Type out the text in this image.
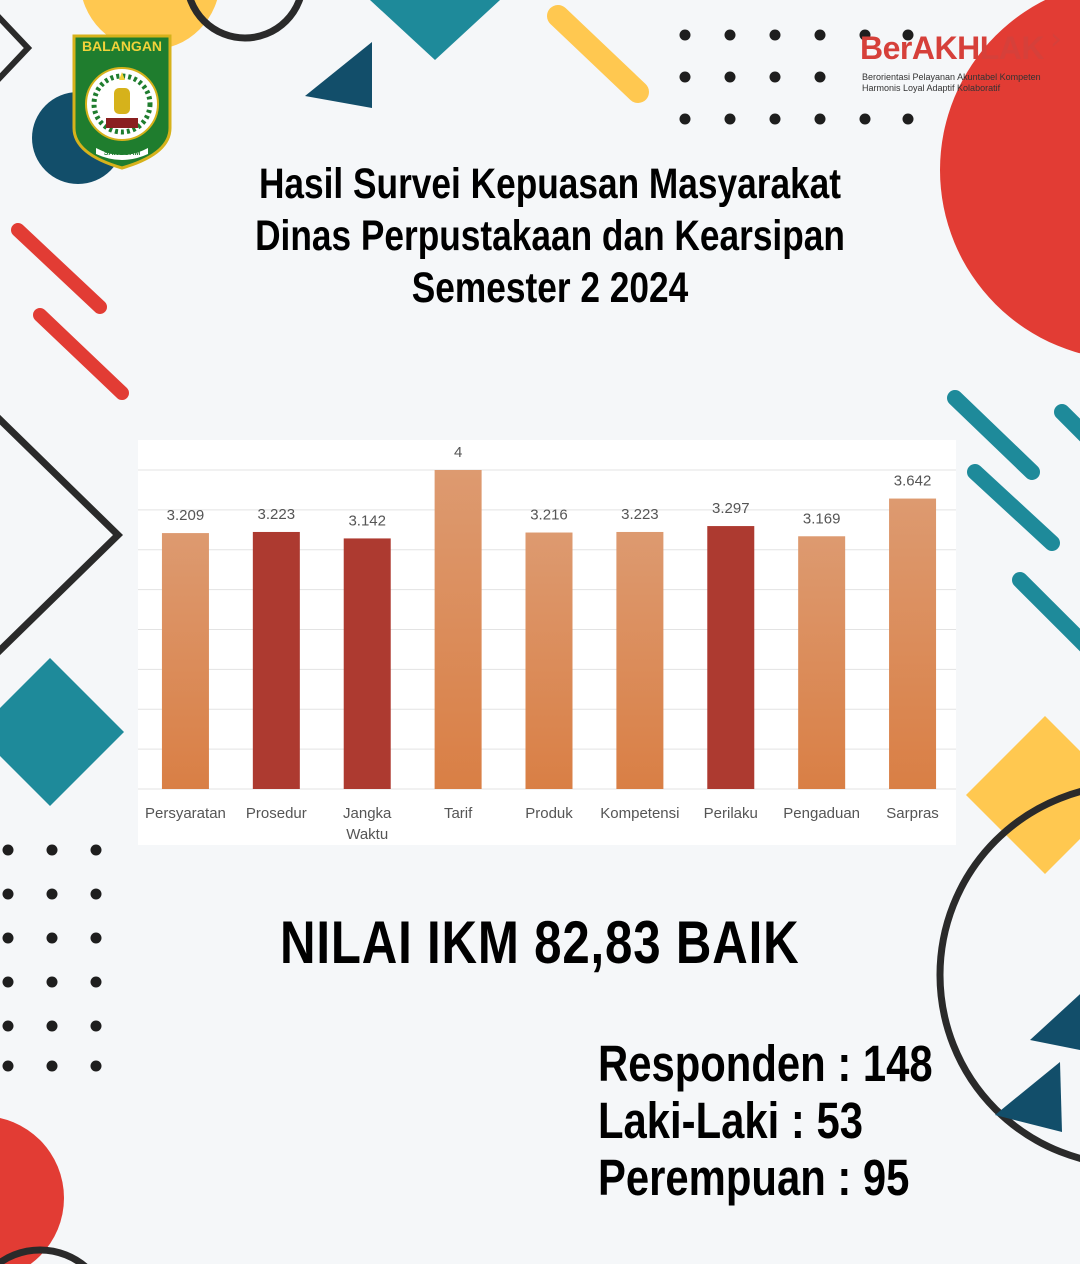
BALANGAN
SANGGAM
BerAKHLAK ›
Berorientasi Pelayanan Akuntabel Kompeten
Harmonis Loyal Adaptif Kolaboratif
Hasil Survei Kepuasan Masyarakat
Dinas Perpustakaan dan Kearsipan
Semester 2 2024
3.209
Persyaratan
3.223
Prosedur
3.142
Jangka Waktu
4
Tarif
3.216
Produk
3.223
Kompetensi
3.297
Perilaku
3.169
Pengaduan
3.642
Sarpras
NILAI IKM 82,83 BAIK
Responden : 148
Laki-Laki : 53
Perempuan : 95
